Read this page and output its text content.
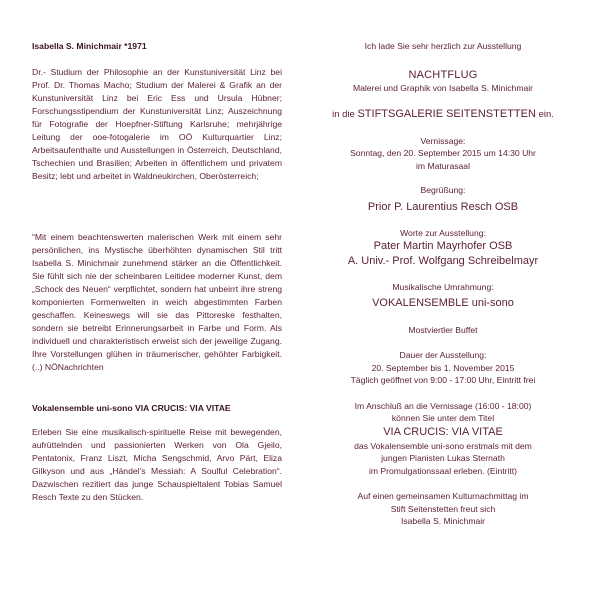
Isabella S. Minichmair *1971

Dr.- Studium der Philosophie an der Kunstuniversität Linz bei Prof. Dr. Thomas Macho; Studium der Malerei & Grafik an der Kunstuniversität Linz bei Eric Ess und Ursula Hübner; Forschungsstipendium der Kunstuniversität Linz; Auszeichnung für Fotografie der Hoepfner-Stiftung Karlsruhe; mehrjährige Leitung der ooe-fotogalerie im OÖ Kulturquartier Linz; Arbeitsaufenthalte und Ausstellungen in Österreich, Deutschland, Tschechien und Brasilien; Arbeiten in öffentlichem und privatem Besitz; lebt und arbeitet in Waldneukirchen, Oberösterreich;

“Mit einem beachtenswerten malerischen Werk mit einem sehr persönlichen, ins Mystische überhöhten dynamischen Stil tritt Isabella S. Minichmair zunehmend stärker an die Öffentlichkeit. Sie fühlt sich nie der scheinbaren Leitidee moderner Kunst, dem „Schock des Neuen“ verpflichtet, sondern hat unbeirrt ihre streng komponierten Formenwelten in weich abgestimmten Farben geschaffen. Keineswegs will sie das Pittoreske festhalten, sondern sie betreibt Erinnerungsarbeit in Farbe und Form. Als individuell und charakteristisch erweist sich der jeweilige Zugang. Ihre Vorstellungen glühen in träumerischer, gehöhter Farbigkeit. (..) NÖNachrichten

Vokalensemble uni-sono VIA CRUCIS: VIA VITAE

Erleben Sie eine musikalisch-spirituelle Reise mit bewegenden, aufrüttelnden und passionierten Werken von Ola Gjeilo, Pentatonix, Franz Liszt, Micha Sengschmid, Arvo Pärt, Eliza Gilkyson und aus „Händel’s Messiah: A Soulful Celebration“. Dazwischen rezitiert das junge Schauspieltalent Tobias Samuel Resch Texte zu den Stücken.

Ich lade Sie sehr herzlich zur Ausstellung

NACHTFLUG

Malerei und Graphik von Isabella S. Minichmair

in die STIFTSGALERIE SEITENSTETTEN ein.

Vernissage:

Sonntag, den 20. September 2015 um 14:30 Uhr

im Maturasaal

Begrüßung:

Prior P. Laurentius Resch OSB

Worte zur Ausstellung:

Pater Martin Mayrhofer OSB

A. Univ.- Prof. Wolfgang Schreibelmayr

Musikalische Umrahmung:

VOKALENSEMBLE uni-sono

Mostviertler Buffet

Dauer der Ausstellung:

20. September bis 1. November 2015

Täglich geöffnet von 9:00 - 17:00 Uhr, Eintritt frei

Im Anschluß an die Vernissage (16:00 - 18:00)

können Sie unter dem Titel

VIA CRUCIS: VIA VITAE

das Vokalensemble uni-sono erstmals mit dem

jungen Pianisten Lukas Sternath

im Promulgationssaal erleben. (Eintritt)

Auf einen gemeinsamen Kulturnachmittag im

Stift Seitenstetten freut sich

Isabella S. Minichmair
